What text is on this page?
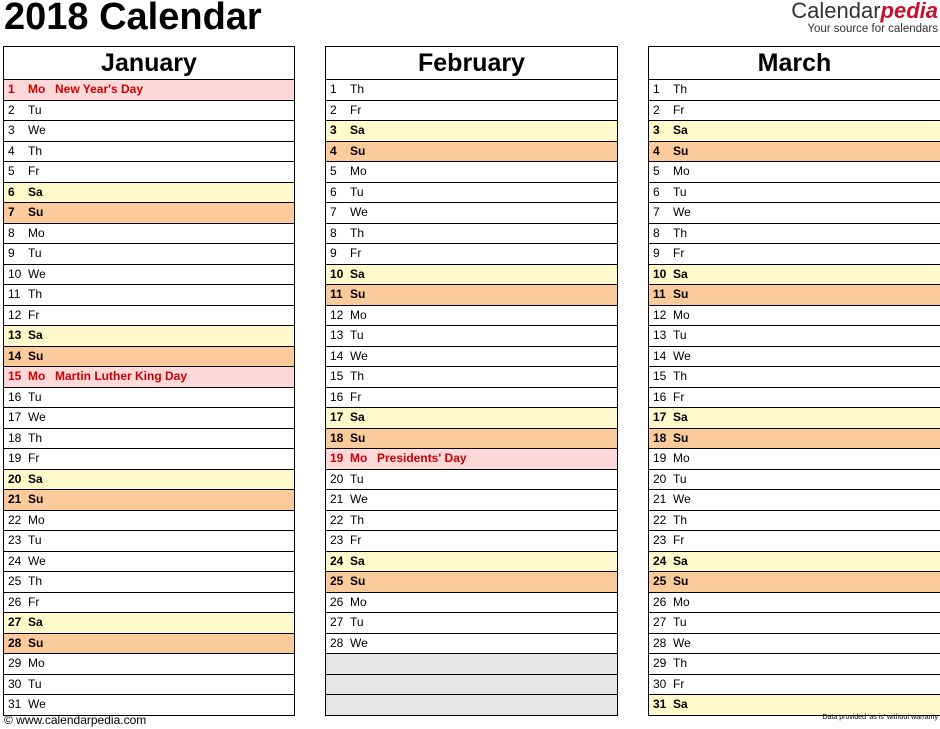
2018 Calendar	Calendarpedia
Your source for calendars
January
1 Mo New Year's Day
2 Tu
3 We
4 Th
5 Fr
6 Sa
7 Su
8 Mo
9 Tu
10 We
11 Th
12 Fr
13 Sa
14 Su
15 Mo Martin Luther King Day
16 Tu
17 We
18 Th
19 Fr
20 Sa
21 Su
22 Mo
23 Tu
24 We
25 Th
26 Fr
27 Sa
28 Su
29 Mo
30 Tu
31 We
February
1 Th
2 Fr
3 Sa
4 Su
5 Mo
6 Tu
7 We
8 Th
9 Fr
10 Sa
11 Su
12 Mo
13 Tu
14 We
15 Th
16 Fr
17 Sa
18 Su
19 Mo Presidents' Day
20 Tu
21 We
22 Th
23 Fr
24 Sa
25 Su
26 Mo
27 Tu
28 We
March
1 Th
2 Fr
3 Sa
4 Su
5 Mo
6 Tu
7 We
8 Th
9 Fr
10 Sa
11 Su
12 Mo
13 Tu
14 We
15 Th
16 Fr
17 Sa
18 Su
19 Mo
20 Tu
21 We
22 Th
23 Fr
24 Sa
25 Su
26 Mo
27 Tu
28 We
29 Th
30 Fr
31 Sa
© www.calendarpedia.com	Data provided 'as is' without warranty
